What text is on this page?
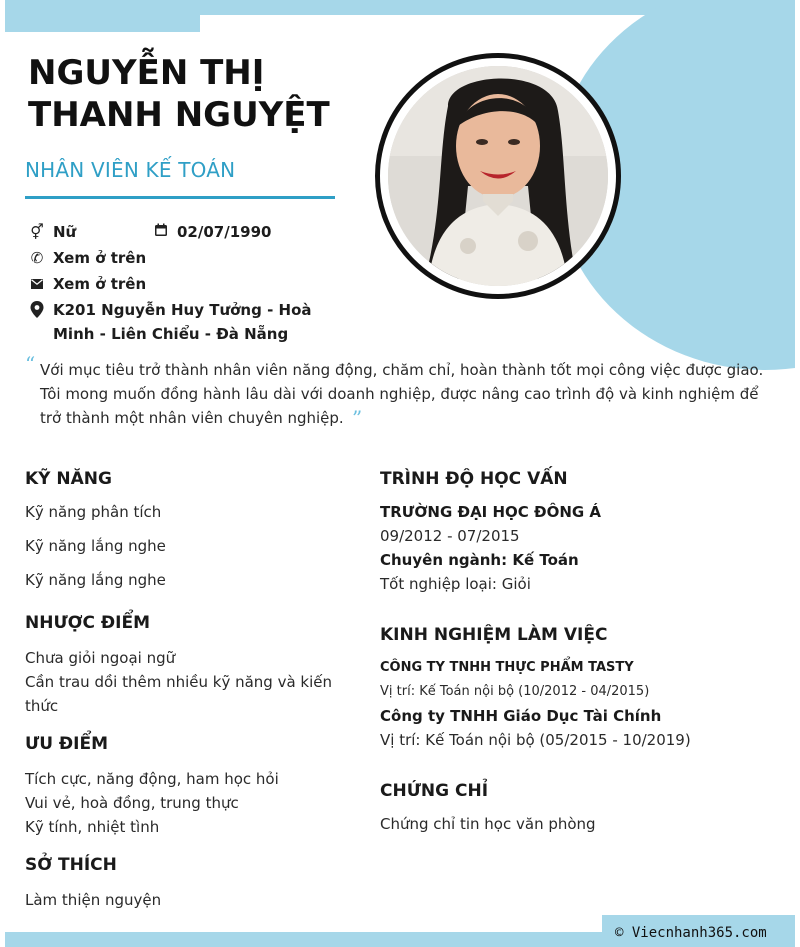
NGUYỄN THỊ
THANH NGUYỆT
NHÂN VIÊN KẾ TOÁN
⚥ Nữ	02/07/1990
✆ Xem ở trên
Xem ở trên
K201 Nguyễn Huy Tưởng - Hoà
Minh - Liên Chiểu - Đà Nẵng
“ Với mục tiêu trở thành nhân viên năng động, chăm chỉ, hoàn thành tốt mọi công việc được giao.
Tôi mong muốn đồng hành lâu dài với doanh nghiệp, được nâng cao trình độ và kinh nghiệm để
trở thành một nhân viên chuyên nghiệp. ”
KỸ NĂNG
Kỹ năng phân tích
Kỹ năng lắng nghe
Kỹ năng lắng nghe
NHƯỢC ĐIỂM
Chưa giỏi ngoại ngữ
Cần trau dồi thêm nhiều kỹ năng và kiến
thức
ƯU ĐIỂM
Tích cực, năng động, ham học hỏi
Vui vẻ, hoà đồng, trung thực
Kỹ tính, nhiệt tình
SỞ THÍCH
Làm thiện nguyện
TRÌNH ĐỘ HỌC VẤN
TRƯỜNG ĐẠI HỌC ĐÔNG Á
09/2012 - 07/2015
Chuyên ngành: Kế Toán
Tốt nghiệp loại: Giỏi
KINH NGHIỆM LÀM VIỆC
CÔNG TY TNHH THỰC PHẨM TASTY
Vị trí: Kế Toán nội bộ (10/2012 - 04/2015)
Công ty TNHH Giáo Dục Tài Chính
Vị trí: Kế Toán nội bộ (05/2015 - 10/2019)
CHỨNG CHỈ
Chứng chỉ tin học văn phòng
© Viecnhanh365.com
